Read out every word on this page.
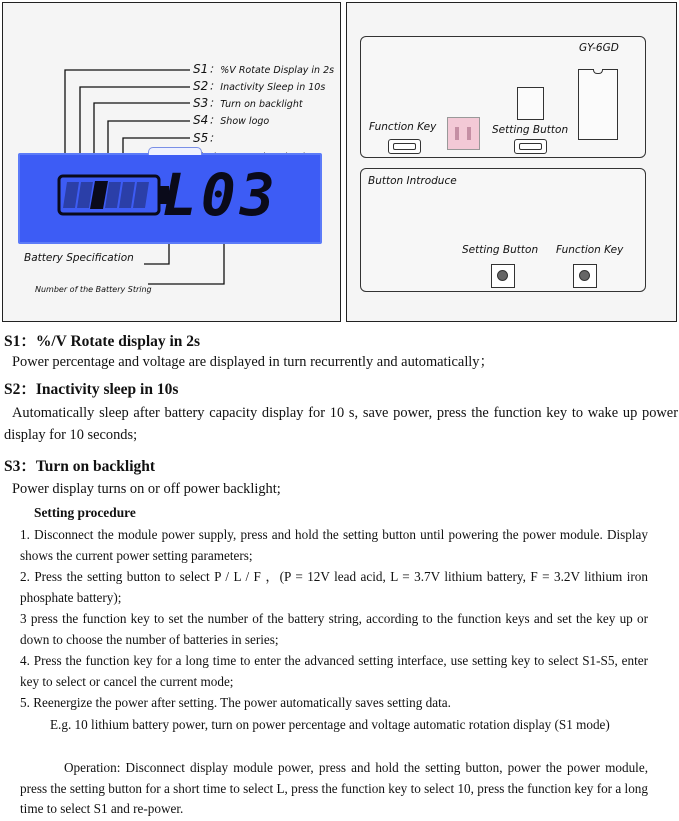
S1：%V Rotate Display in 2s
S2：Inactivity Sleep in 10s
S3：Turn on backlight
S4：Show logo
S5：
L03
Battery Specification
Number of the Battery String
GY-6GD
Function Key	Setting Button
Button Introduce
Setting Button Function Key
S1：%/V Rotate display in 2s
Power percentage and voltage are displayed in turn recurrently and automatically；
S2：Inactivity sleep in 10s
Automatically sleep after battery capacity display for 10 s, save power, press the function key to wake up power display for 10 seconds;
S3：Turn on backlight
Power display turns on or off power backlight;
Setting procedure
1. Disconnect the module power supply, press and hold the setting button until powering the power module. Display shows the current power setting parameters;
2. Press the setting button to select P / L / F ，(P = 12V lead acid, L = 3.7V lithium battery, F = 3.2V lithium iron phosphate battery);
3 press the function key to set the number of the battery string, according to the function keys and set the key up or down to choose the number of batteries in series;
4. Press the function key for a long time to enter the advanced setting interface, use setting key to select S1-S5, enter key to select or cancel the current mode;
5. Reenergize the power after setting. The power automatically saves setting data.
E.g. 10 lithium battery power, turn on power percentage and voltage automatic rotation display (S1 mode)
Operation: Disconnect display module power, press and hold the setting button, power the power module, press the setting button for a short time to select L, press the function key to select 10, press the function key for a long time to select S1 and re-power.
